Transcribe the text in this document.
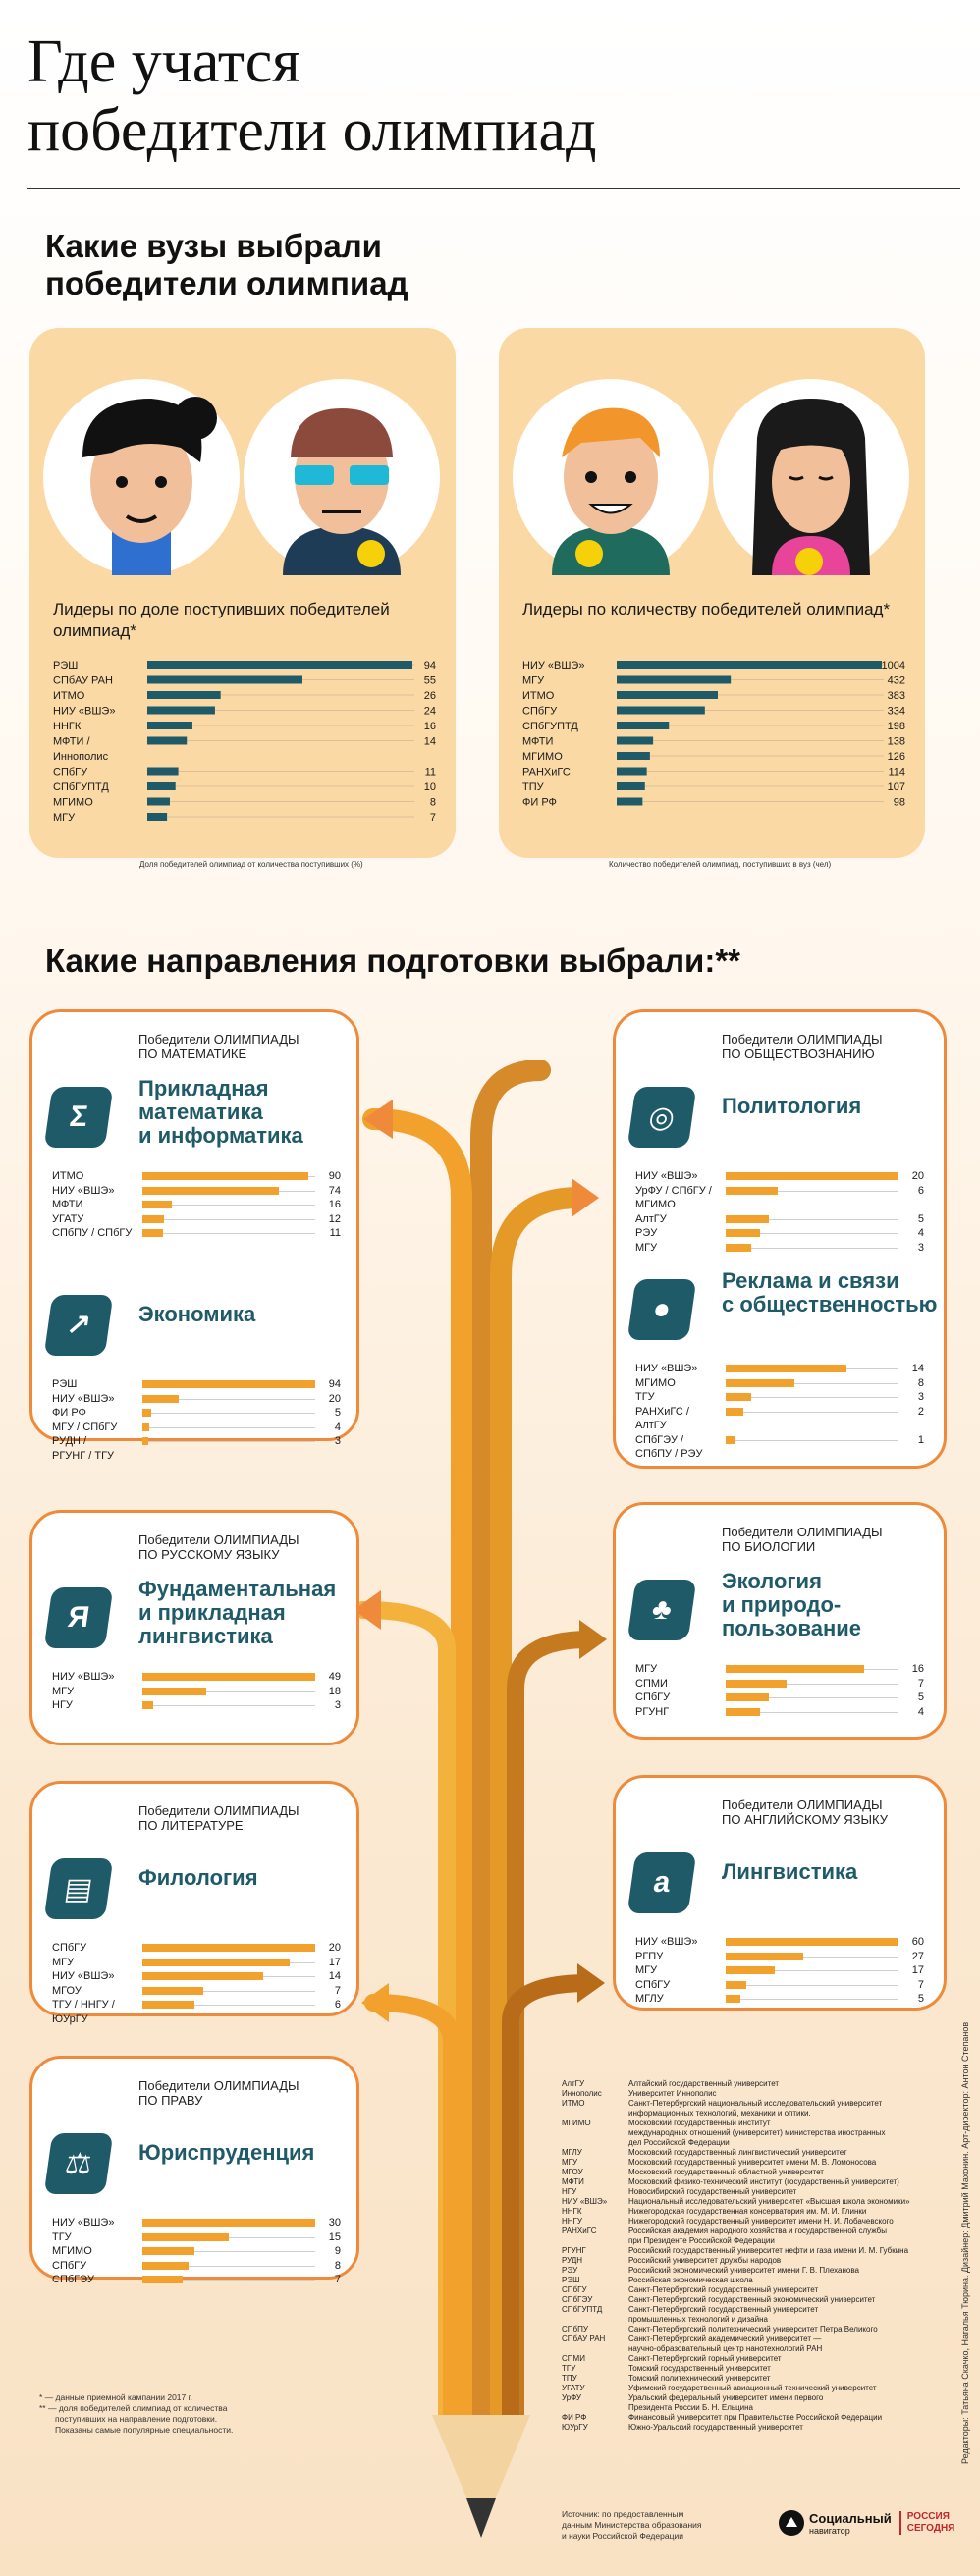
Где учатся
победители олимпиад
Какие вузы выбрали
победители олимпиад
Лидеры по доле поступивших победителей олимпиад*
РЭШ	94
СПбАУ РАН	55
ИТМО	26
НИУ «ВШЭ»	24
ННГК	16
МФТИ /	14
Иннополис
СПбГУ	11
СПбГУПТД	10
МГИМО	8
МГУ	7
Доля победителей олимпиад от количества поступивших (%)
Лидеры по количеству победителей олимпиад*
НИУ «ВШЭ»	1004
МГУ	432
ИТМО	383
СПбГУ	334
СПбГУПТД	198
МФТИ	138
МГИМО	126
РАНХиГС	114
ТПУ	107
ФИ РФ	98
Количество победителей олимпиад, поступивших в вуз (чел)
Какие направления подготовки выбрали:**
Победители ОЛИМПИАДЫ
ПО МАТЕМАТИКЕ
Σ
Прикладная
математика
и информатика
ИТМО	90
НИУ «ВШЭ»	74
МФТИ	16
УГАТУ	12
СПбПУ / СПбГУ	11
↗	Экономика
РЭШ	94
НИУ «ВШЭ»	20
ФИ РФ	5
МГУ / СПбГУ	4
РУДН /	3
РГУНГ / ТГУ
Победители ОЛИМПИАДЫ
ПО ОБЩЕСТВОЗНАНИЮ
◎	Политология
НИУ «ВШЭ»	20
УрФУ / СПбГУ /	6
МГИМО
АлтГУ	5
РЭУ	4
МГУ	3
●
Реклама и связи
с общественностью
НИУ «ВШЭ»	14
МГИМО	8
ТГУ	3
РАНХиГС /	2
АлтГУ
СПбГЭУ /	1
СПбПУ / РЭУ
Победители ОЛИМПИАДЫ
ПО РУССКОМУ ЯЗЫКУ
Я
Фундаментальная
и прикладная
лингвистика
НИУ «ВШЭ»	49
МГУ	18
НГУ	3
Победители ОЛИМПИАДЫ
ПО БИОЛОГИИ
♣
Экология
и природо-
пользование
МГУ	16
СПМИ	7
СПбГУ	5
РГУНГ	4
Победители ОЛИМПИАДЫ
ПО ЛИТЕРАТУРЕ
▤	Филология
СПбГУ	20
МГУ	17
НИУ «ВШЭ»	14
МГОУ	7
ТГУ / ННГУ /	6
ЮУрГУ
Победители ОЛИМПИАДЫ
ПО АНГЛИЙСКОМУ ЯЗЫКУ
a	Лингвистика
НИУ «ВШЭ»	60
РГПУ	27
МГУ	17
СПбГУ	7
МГЛУ	5
Победители ОЛИМПИАДЫ
ПО ПРАВУ
⚖	Юриспруденция
НИУ «ВШЭ»	30
ТГУ	15
МГИМО	9
СПбГУ	8
СПбГЭУ	7
АлтГУ	Алтайский государственный университет
Иннополис	Университет Иннополис
ИТМО	Санкт-Петербургский национальный исследовательский университет
информационных технологий, механики и оптики.
МГИМО	Московский государственный институт
международных отношений (университет) министерства иностранных
дел Российской Федерации
МГЛУ	Московский государственный лингвистический университет
МГУ	Московский государственный университет имени М. В. Ломоносова
МГОУ	Московский государственный областной университет
МФТИ	Московский физико-технический институт (государственный университет)
НГУ	Новосибирский государственный университет
НИУ «ВШЭ»	Национальный исследовательский университет «Высшая школа экономики»
ННГК	Нижегородская государственная консерватория им. М. И. Глинки
ННГУ	Нижегородский государственный университет имени Н. И. Лобачевского
РАНХиГС	Российская академия народного хозяйства и государственной службы
при Президенте Российской Федерации
РГУНГ	Российский государственный университет нефти и газа имени И. М. Губкина
РУДН	Российский университет дружбы народов
РЭУ	Российский экономический университет имени Г. В. Плеханова
РЭШ	Российская экономическая школа
СПбГУ	Санкт-Петербургский государственный университет
СПбГЭУ	Санкт-Петербургский государственный экономический университет
СПбГУПТД	Санкт-Петербургский государственный университет
промышленных технологий и дизайна
СПбПУ	Санкт-Петербургский политехнический университет Петра Великого
СПбАУ РАН	Санкт-Петербургский академический университет —
научно-образовательный центр нанотехнологий РАН
СПМИ	Санкт-Петербургский горный университет
ТГУ	Томский государственный университет
ТПУ	Томский политехнический университет
УГАТУ	Уфимский государственный авиационный технический университет
УрФУ	Уральский федеральный университет имени первого
Президента России Б. Н. Ельцина
ФИ РФ	Финансовый университет при Правительстве Российской Федерации
ЮУрГУ	Южно-Уральский государственный университет
* — данные приемной кампании 2017 г.
** — доля победителей олимпиад от количества
поступивших на направление подготовки.
Показаны самые популярные специальности.
Источник: по предоставленным
данным Министерства образования
и науки Российской Федерации
Социальный
навигатор
РОССИЯ
СЕГОДНЯ
Редакторы: Татьяна Скачко, Наталья Тюрина. Дизайнер: Дмитрий Махонин. Арт-директор: Антон Степанов
